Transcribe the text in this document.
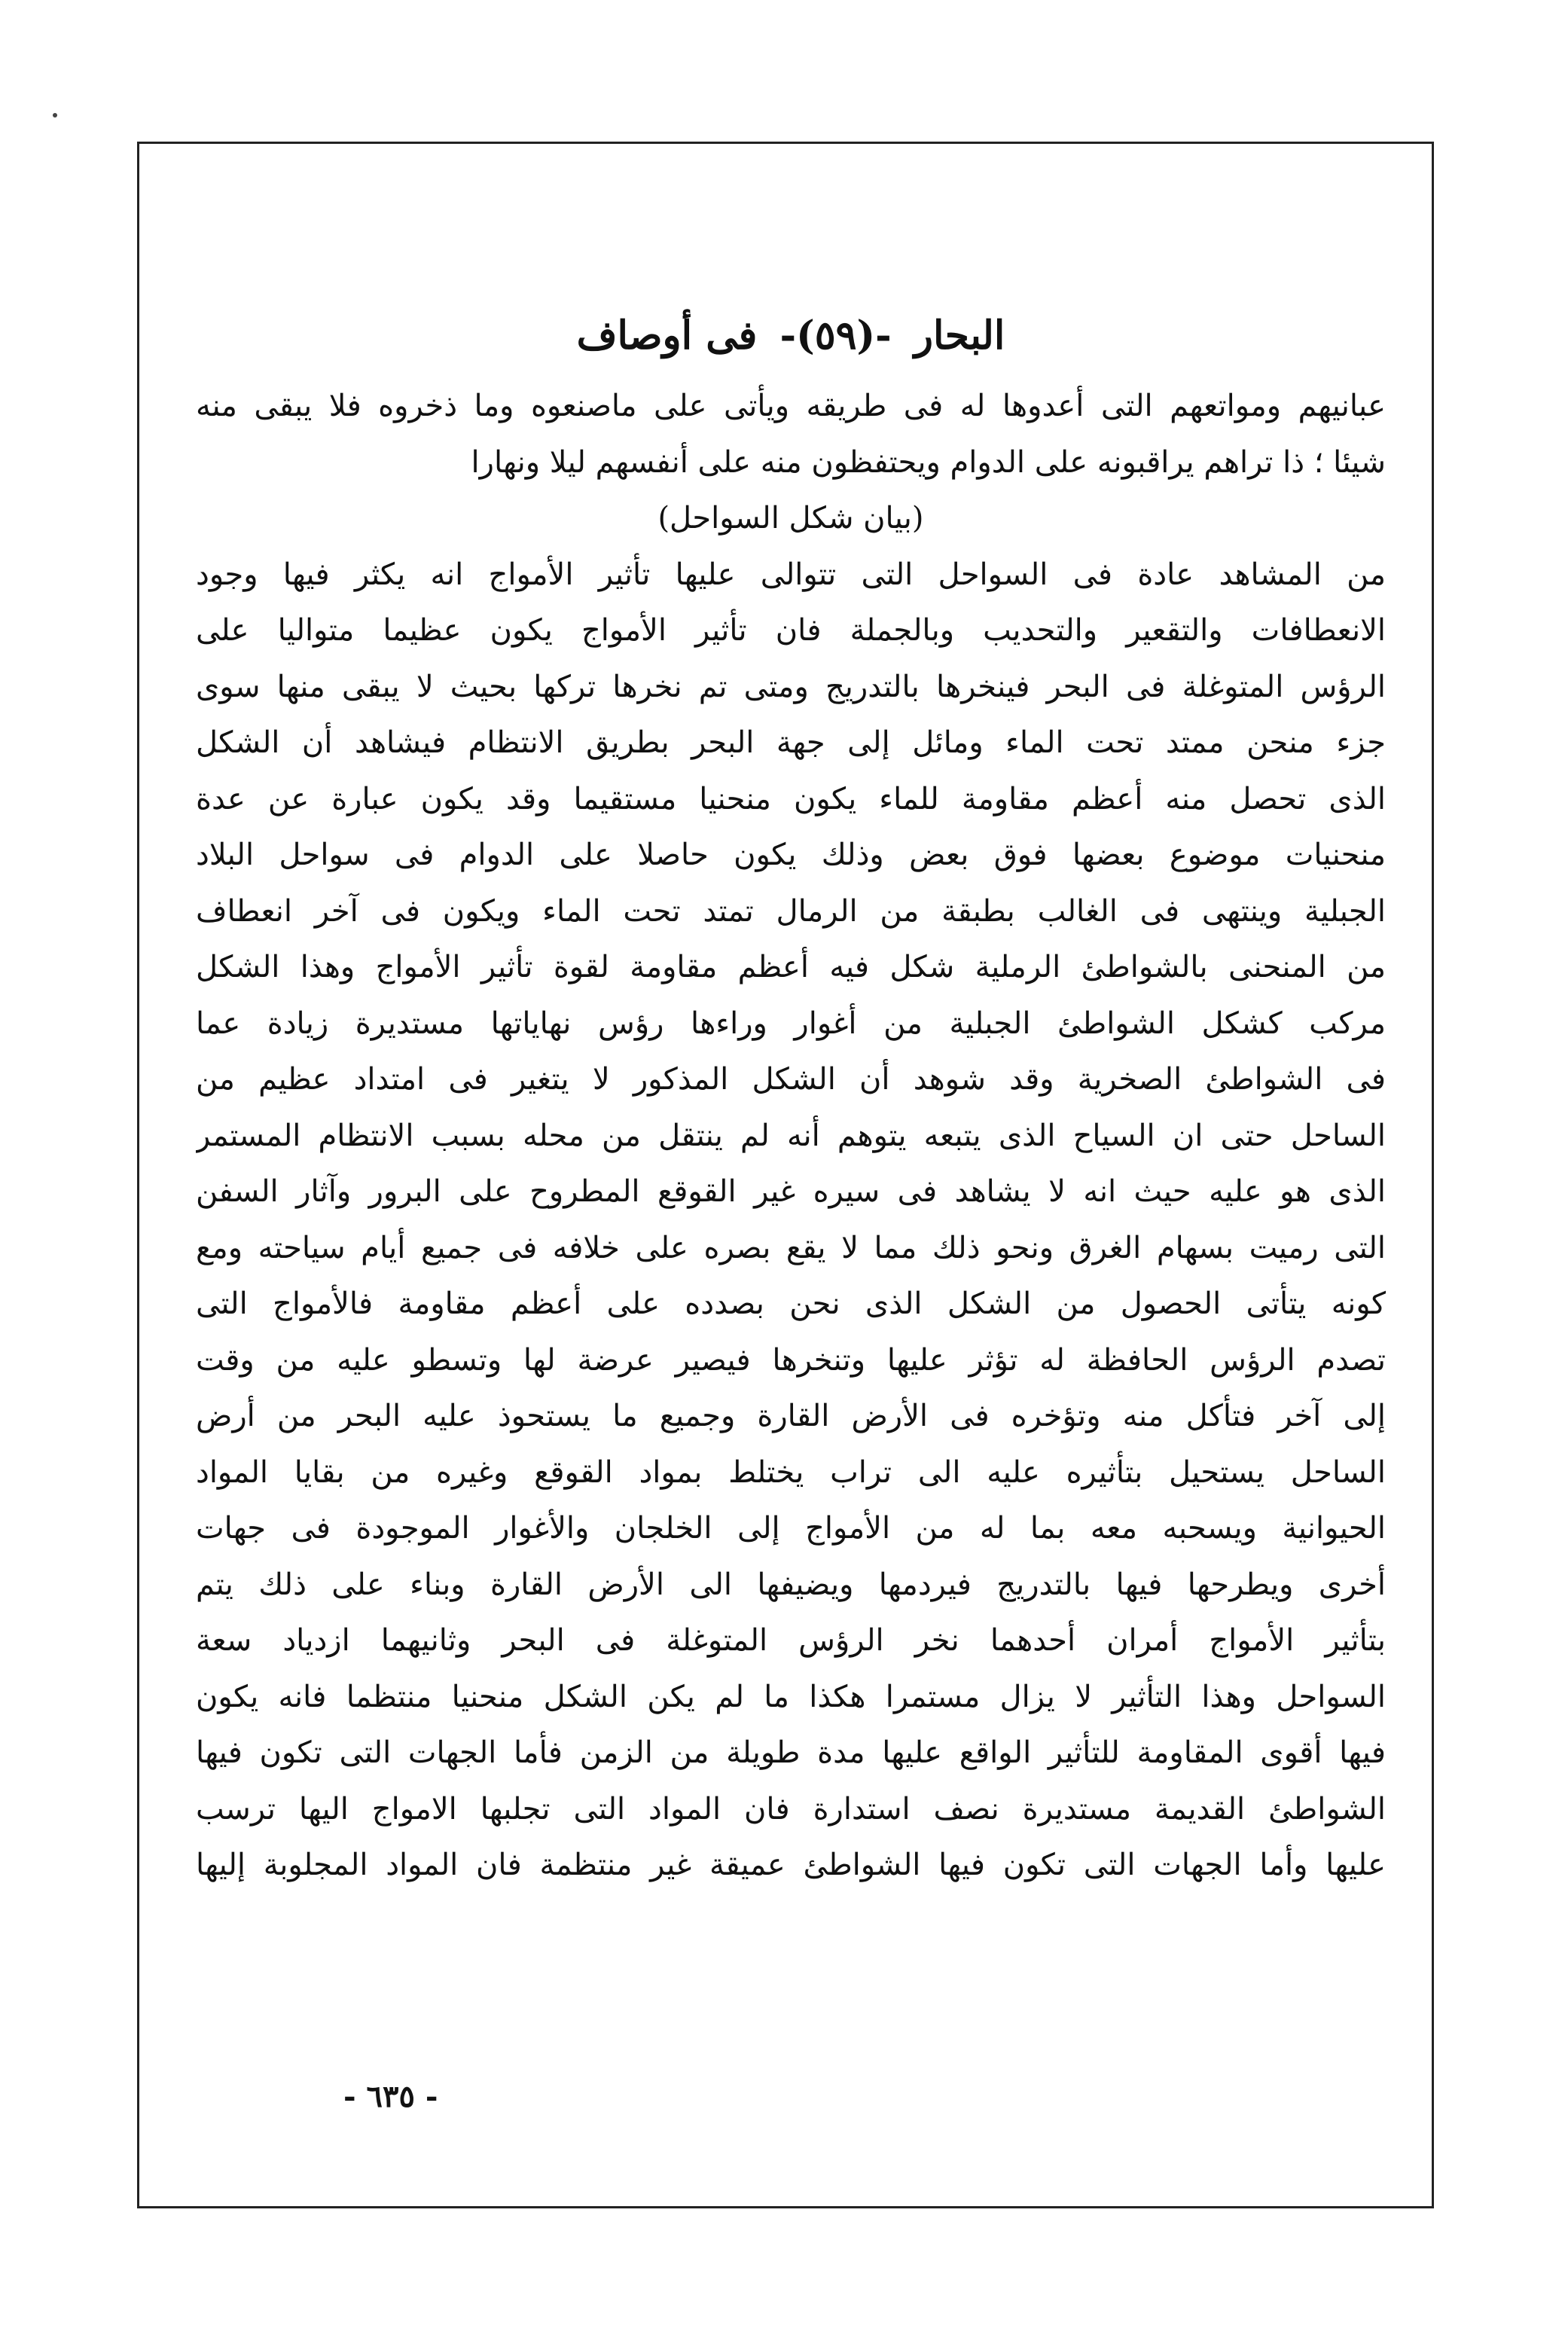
البحار -(٥٩)- فى أوصاف
عبانيهم ومواتعهم التى أعدوها له فى طريقه ويأتى على ماصنعوه وما ذخروه فلا يبقى منه
شيئا ؛ ذا تراهم يراقبونه على الدوام ويحتفظون منه على أنفسهم ليلا ونهارا
(بيان شكل السواحل)
من المشاهد عادة فى السواحل التى تتوالى عليها تأثير الأمواج انه يكثر فيها وجود
الانعطافات والتقعير والتحديب وبالجملة فان تأثير الأمواج يكون عظيما متواليا على
الرؤس المتوغلة فى البحر فينخرها بالتدريج ومتى تم نخرها تركها بحيث لا يبقى منها سوى
جزء منحن ممتد تحت الماء ومائل إلى جهة البحر بطريق الانتظام فيشاهد أن الشكل
الذى تحصل منه أعظم مقاومة للماء يكون منحنيا مستقيما وقد يكون عبارة عن عدة
منحنيات موضوع بعضها فوق بعض وذلك يكون حاصلا على الدوام فى سواحل البلاد
الجبلية وينتهى فى الغالب بطبقة من الرمال تمتد تحت الماء ويكون فى آخر انعطاف
من المنحنى بالشواطئ الرملية شكل فيه أعظم مقاومة لقوة تأثير الأمواج وهذا الشكل
مركب كشكل الشواطئ الجبلية من أغوار وراءها رؤس نهاياتها مستديرة زيادة عما
فى الشواطئ الصخرية وقد شوهد أن الشكل المذكور لا يتغير فى امتداد عظيم من
الساحل حتى ان السياح الذى يتبعه يتوهم أنه لم ينتقل من محله بسبب الانتظام المستمر
الذى هو عليه حيث انه لا يشاهد فى سيره غير القوقع المطروح على البرور وآثار السفن
التى رميت بسهام الغرق ونحو ذلك مما لا يقع بصره على خلافه فى جميع أيام سياحته ومع
كونه يتأتى الحصول من الشكل الذى نحن بصدده على أعظم مقاومة فالأمواج التى
تصدم الرؤس الحافظة له تؤثر عليها وتنخرها فيصير عرضة لها وتسطو عليه من وقت
إلى آخر فتأكل منه وتؤخره فى الأرض القارة وجميع ما يستحوذ عليه البحر من أرض
الساحل يستحيل بتأثيره عليه الى تراب يختلط بمواد القوقع وغيره من بقايا المواد
الحيوانية ويسحبه معه بما له من الأمواج إلى الخلجان والأغوار الموجودة فى جهات
أخرى ويطرحها فيها بالتدريج فيردمها ويضيفها الى الأرض القارة وبناء على ذلك يتم
بتأثير الأمواج أمران أحدهما نخر الرؤس المتوغلة فى البحر وثانيهما ازدياد سعة
السواحل وهذا التأثير لا يزال مستمرا هكذا ما لم يكن الشكل منحنيا منتظما فانه يكون
فيها أقوى المقاومة للتأثير الواقع عليها مدة طويلة من الزمن فأما الجهات التى تكون فيها
الشواطئ القديمة مستديرة نصف استدارة فان المواد التى تجلبها الامواج اليها ترسب
عليها وأما الجهات التى تكون فيها الشواطئ عميقة غير منتظمة فان المواد المجلوبة إليها
- ٦٣٥ -
